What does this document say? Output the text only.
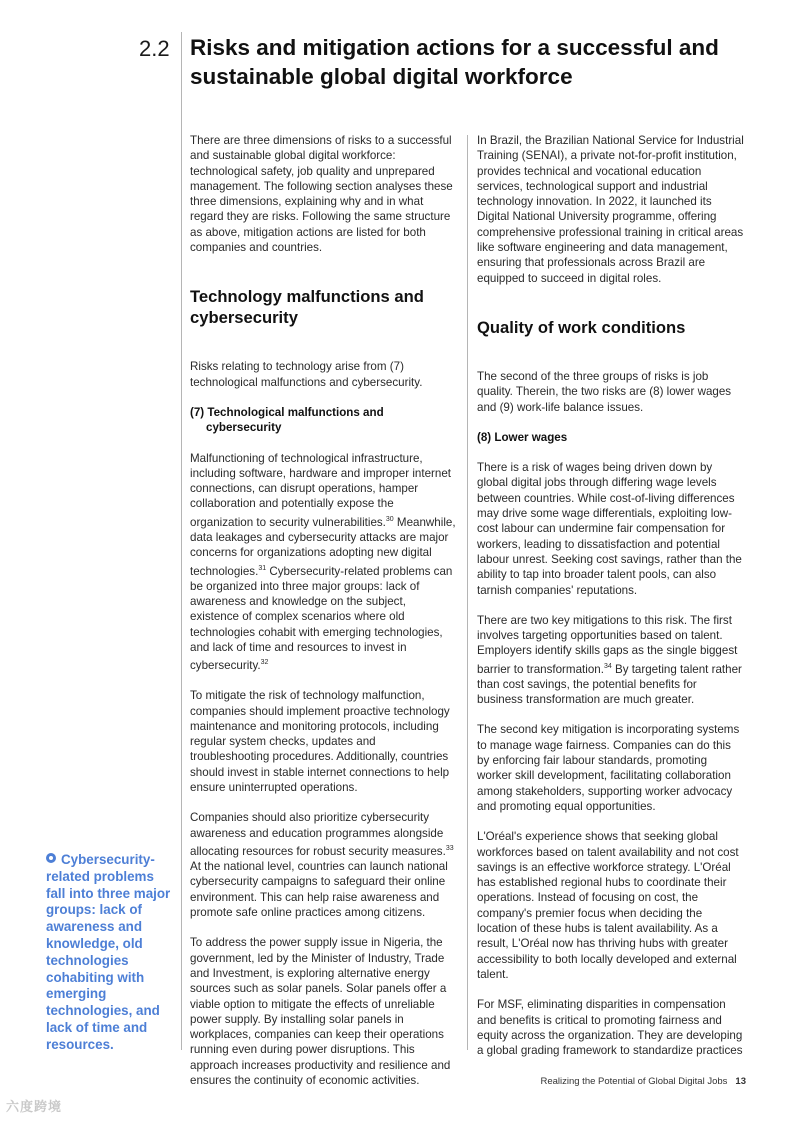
2.2 Risks and mitigation actions for a successful and sustainable global digital workforce

There are three dimensions of risks to a successful and sustainable global digital workforce: technological safety, job quality and unprepared management. The following section analyses these three dimensions, explaining why and in what regard they are risks. Following the same structure as above, mitigation actions are listed for both companies and countries.

Technology malfunctions and cybersecurity

Risks relating to technology arise from (7) technological malfunctions and cybersecurity.

(7) Technological malfunctions and cybersecurity

Malfunctioning of technological infrastructure, including software, hardware and improper internet connections, can disrupt operations, hamper collaboration and potentially expose the organization to security vulnerabilities.$^{30}$ Meanwhile, data leakages and cybersecurity attacks are major concerns for organizations adopting new digital technologies.$^{31}$ Cybersecurity-related problems can be organized into three major groups: lack of awareness and knowledge on the subject, existence of complex scenarios where old technologies cohabit with emerging technologies, and lack of time and resources to invest in cybersecurity.$^{32}$

To mitigate the risk of technology malfunction, companies should implement proactive technology maintenance and monitoring protocols, including regular system checks, updates and troubleshooting procedures. Additionally, countries should invest in stable internet connections to help ensure uninterrupted operations.

Companies should also prioritize cybersecurity awareness and education programmes alongside allocating resources for robust security measures.$^{33}$ At the national level, countries can launch national cybersecurity campaigns to safeguard their online environment. This can help raise awareness and promote safe online practices among citizens.

To address the power supply issue in Nigeria, the government, led by the Minister of Industry, Trade and Investment, is exploring alternative energy sources such as solar panels. Solar panels offer a viable option to mitigate the effects of unreliable power supply. By installing solar panels in workplaces, companies can keep their operations running even during power disruptions. This approach increases productivity and resilience and ensures the continuity of economic activities.

In Brazil, the Brazilian National Service for Industrial Training (SENAI), a private not-for-profit institution, provides technical and vocational education services, technological support and industrial technology innovation. In 2022, it launched its Digital National University programme, offering comprehensive professional training in critical areas like software engineering and data management, ensuring that professionals across Brazil are equipped to succeed in digital roles.

Quality of work conditions

The second of the three groups of risks is job quality. Therein, the two risks are (8) lower wages and (9) work-life balance issues.

(8) Lower wages

There is a risk of wages being driven down by global digital jobs through differing wage levels between countries. While cost-of-living differences may drive some wage differentials, exploiting low-cost labour can undermine fair compensation for workers, leading to dissatisfaction and potential labour unrest. Seeking cost savings, rather than the ability to tap into broader talent pools, can also tarnish companies' reputations.

There are two key mitigations to this risk. The first involves targeting opportunities based on talent. Employers identify skills gaps as the single biggest barrier to transformation.$^{34}$ By targeting talent rather than cost savings, the potential benefits for business transformation are much greater.

The second key mitigation is incorporating systems to manage wage fairness. Companies can do this by enforcing fair labour standards, promoting worker skill development, facilitating collaboration among stakeholders, supporting worker advocacy and promoting equal opportunities.

L'Oréal's experience shows that seeking global workforces based on talent availability and not cost savings is an effective workforce strategy. L'Oréal has established regional hubs to coordinate their operations. Instead of focusing on cost, the company's premier focus when deciding the location of these hubs is talent availability. As a result, L'Oréal now has thriving hubs with greater accessibility to both locally developed and external talent.

For MSF, eliminating disparities in compensation and benefits is critical to promoting fairness and equity across the organization. They are developing a global grading framework to standardize practices

Cybersecurity-related problems fall into three major groups: lack of awareness and knowledge, old technologies cohabiting with emerging technologies, and lack of time and resources.
Realizing the Potential of Global Digital Jobs 13
六度跨境
